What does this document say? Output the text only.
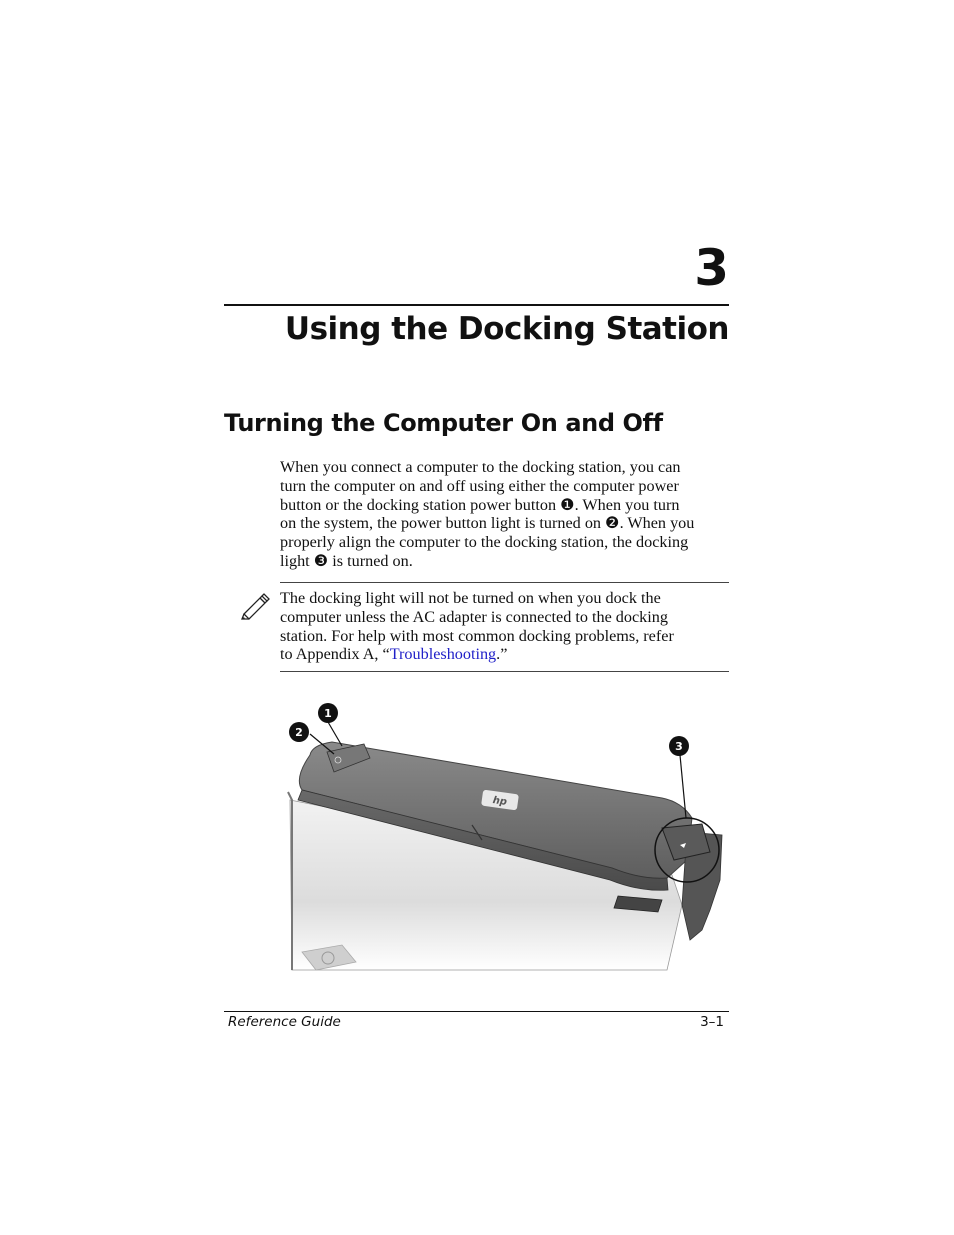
3
Using the Docking Station
Turning the Computer On and Off

When you connect a computer to the docking station, you can

turn the computer on and off using either the computer power

button or the docking station power button ❶. When you turn

on the system, the power button light is turned on ❷. When you

properly align the computer to the docking station, the docking

light ❸ is turned on.

The docking light will not be turned on when you dock the

computer unless the AC adapter is connected to the docking

station. For help with most common docking problems, refer

to Appendix A, “Troubleshooting.”

hp
1
2
3
Reference Guide	3–1
